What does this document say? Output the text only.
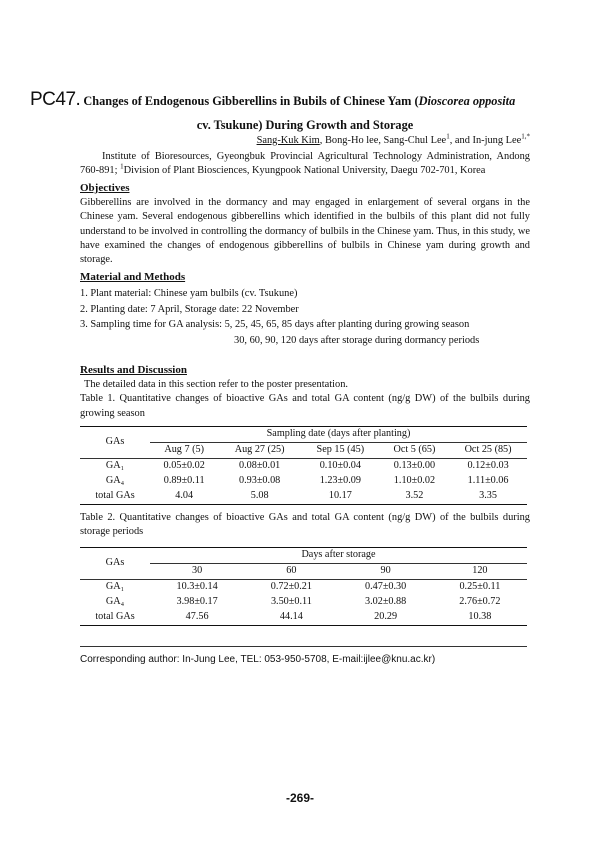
PC47. Changes of Endogenous Gibberellins in Bubils of Chinese Yam (Dioscorea opposita
cv. Tsukune) During Growth and Storage
Sang-Kuk Kim, Bong-Ho lee, Sang-Chul Lee$^1$, and In-jung Lee$^{1,*}$
Institute of Bioresources, Gyeongbuk Provincial Agricultural Technology Administration, Andong 760-891; $^1$Division of Plant Biosciences, Kyungpook National University, Daegu 702-701, Korea
Objectives
Gibberellins are involved in the dormancy and may engaged in enlargement of several organs in the Chinese yam. Several endogenous gibberellins which identified in the bulbils of this plant did not fully understand to be involved in controlling the dormancy of bulbils in the Chinese yam. Thus, in this study, we have examined the changes of endogenous gibberellins of bulbils in Chinese yam during growth and storage.
Material and Methods
1. Plant material: Chinese yam bulbils (cv. Tsukune)
2. Planting date: 7 April, Storage date: 22 November
3. Sampling time for GA analysis: 5, 25, 45, 65, 85 days after planting during growing season
30, 60, 90, 120 days after storage during dormancy periods
Results and Discussion
The detailed data in this section refer to the poster presentation.
Table 1. Quantitative changes of bioactive GAs and total GA content (ng/g DW) of the bulbils during growing season
GAs	Sampling date (days after planting)				
	Aug 7 (5)	Aug 27 (25)	Sep 15 (45)	Oct 5 (65)	Oct 25 (85)
GA₁	0.05±0.02	0.08±0.01	0.10±0.04	0.13±0.00	0.12±0.03
GA₄	0.89±0.11	0.93±0.08	1.23±0.09	1.10±0.02	1.11±0.06
total GAs	4.04	5.08	10.17	3.52	3.35
Table 2. Quantitative changes of bioactive GAs and total GA content (ng/g DW) of the bulbils during storage periods
GAs	Days after storage			
	30	60	90	120
GA₁	10.3±0.14	0.72±0.21	0.47±0.30	0.25±0.11
GA₄	3.98±0.17	3.50±0.11	3.02±0.88	2.76±0.72
total GAs	47.56	44.14	20.29	10.38
Corresponding author: In-Jung Lee, TEL: 053-950-5708, E-mail:ijlee@knu.ac.kr)
-269-
